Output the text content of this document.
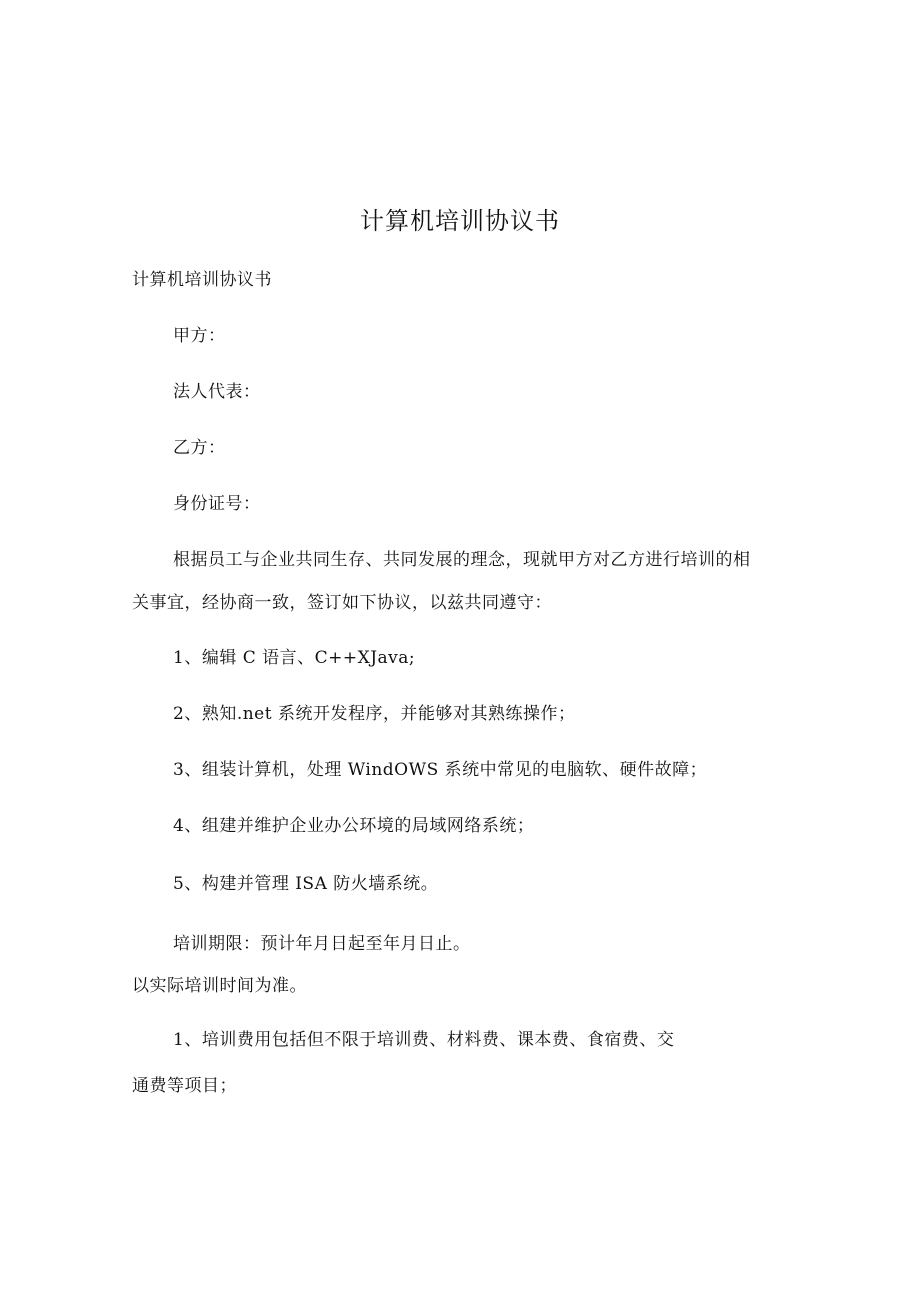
计算机培训协议书
计算机培训协议书
甲方：
法人代表：
乙方：
身份证号：
根据员工与企业共同生存、共同发展的理念，现就甲方对乙方进行培训的相
关事宜，经协商一致，签订如下协议，以兹共同遵守：
1、编辑 C 语言、C++XJava;
2、熟知.net 系统开发程序，并能够对其熟练操作；
3、组装计算机，处理 WindOWS 系统中常见的电脑软、硬件故障；
4、组建并维护企业办公环境的局域网络系统；
5、构建并管理 ISA 防火墙系统。
培训期限：预计年月日起至年月日止。
以实际培训时间为准。
1、培训费用包括但不限于培训费、材料费、课本费、食宿费、交
通费等项目；
